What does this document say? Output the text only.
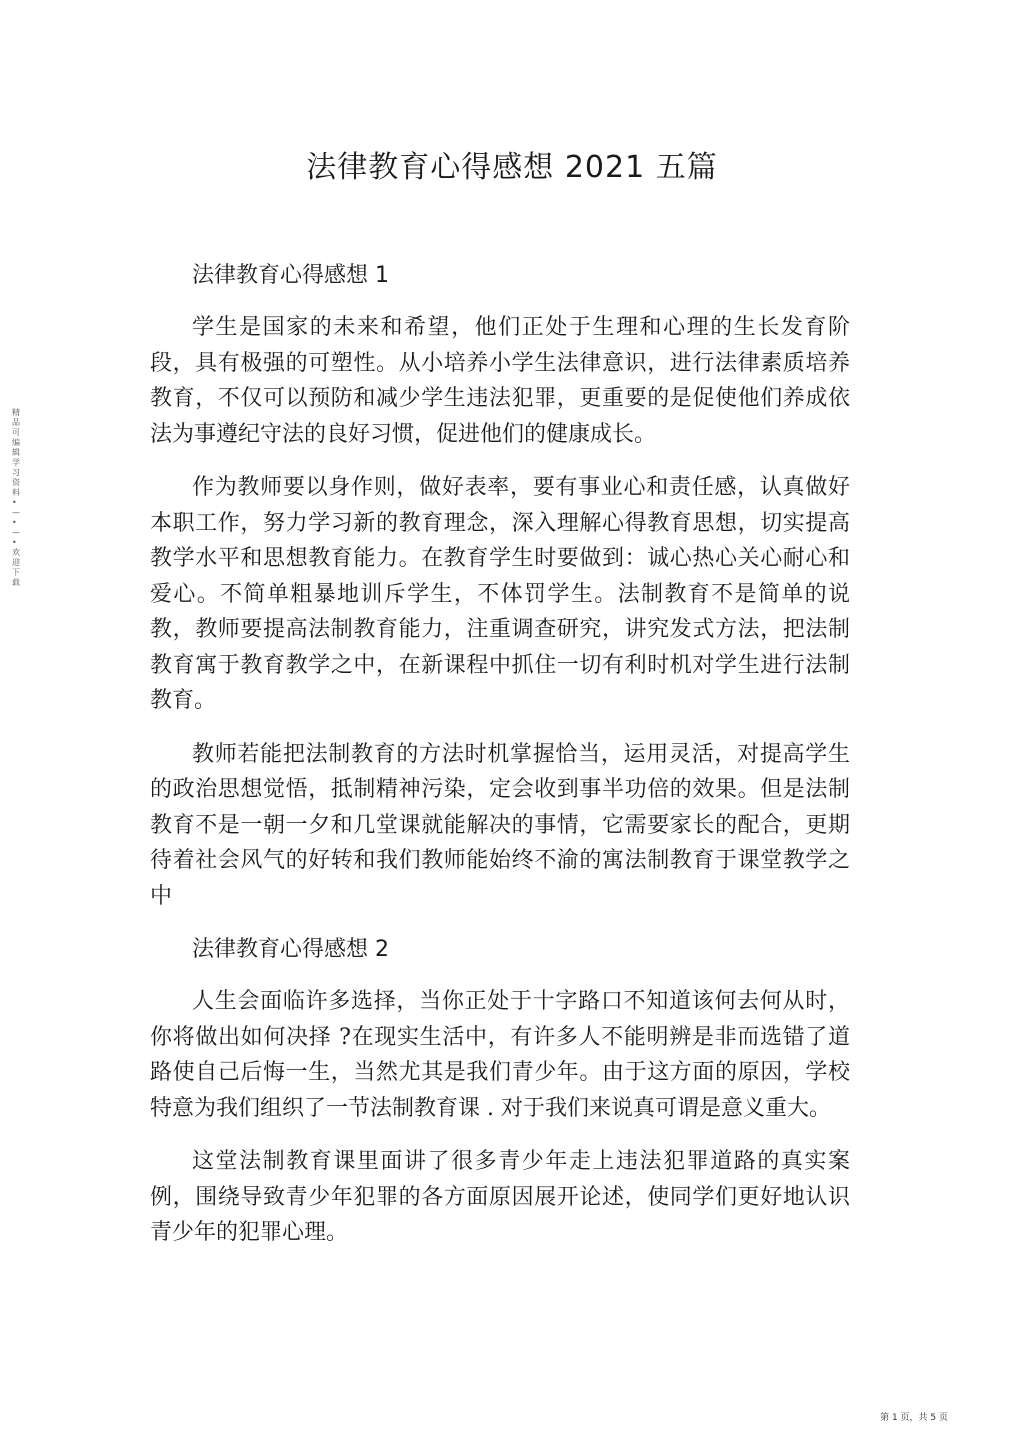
精品可编辑学习资料•—•—•欢迎下载
法律教育心得感想 2021 五篇
法律教育心得感想 1

学生是国家的未来和希望，他们正处于生理和心理的生长发育阶段，具有极强的可塑性。从小培养小学生法律意识，进行法律素质培养教育，不仅可以预防和减少学生违法犯罪，更重要的是促使他们养成依法为事遵纪守法的良好习惯，促进他们的健康成长。

作为教师要以身作则，做好表率，要有事业心和责任感，认真做好本职工作，努力学习新的教育理念，深入理解心得教育思想，切实提高教学水平和思想教育能力。在教育学生时要做到：诚心热心关心耐心和爱心。不简单粗暴地训斥学生，不体罚学生。法制教育不是简单的说教，教师要提高法制教育能力，注重调查研究，讲究发式方法，把法制教育寓于教育教学之中，在新课程中抓住一切有利时机对学生进行法制教育。

教师若能把法制教育的方法时机掌握恰当，运用灵活，对提高学生的政治思想觉悟，抵制精神污染，定会收到事半功倍的效果。但是法制教育不是一朝一夕和几堂课就能解决的事情，它需要家长的配合，更期待着社会风气的好转和我们教师能始终不渝的寓法制教育于课堂教学之中

法律教育心得感想 2

人生会面临许多选择，当你正处于十字路口不知道该何去何从时，你将做出如何决择 ?在现实生活中，有许多人不能明辨是非而选错了道路使自己后悔一生，当然尤其是我们青少年。由于这方面的原因，学校特意为我们组织了一节法制教育课 . 对于我们来说真可谓是意义重大。

这堂法制教育课里面讲了很多青少年走上违法犯罪道路的真实案例，围绕导致青少年犯罪的各方面原因展开论述，使同学们更好地认识青少年的犯罪心理。

第 1 页，共 5 页
